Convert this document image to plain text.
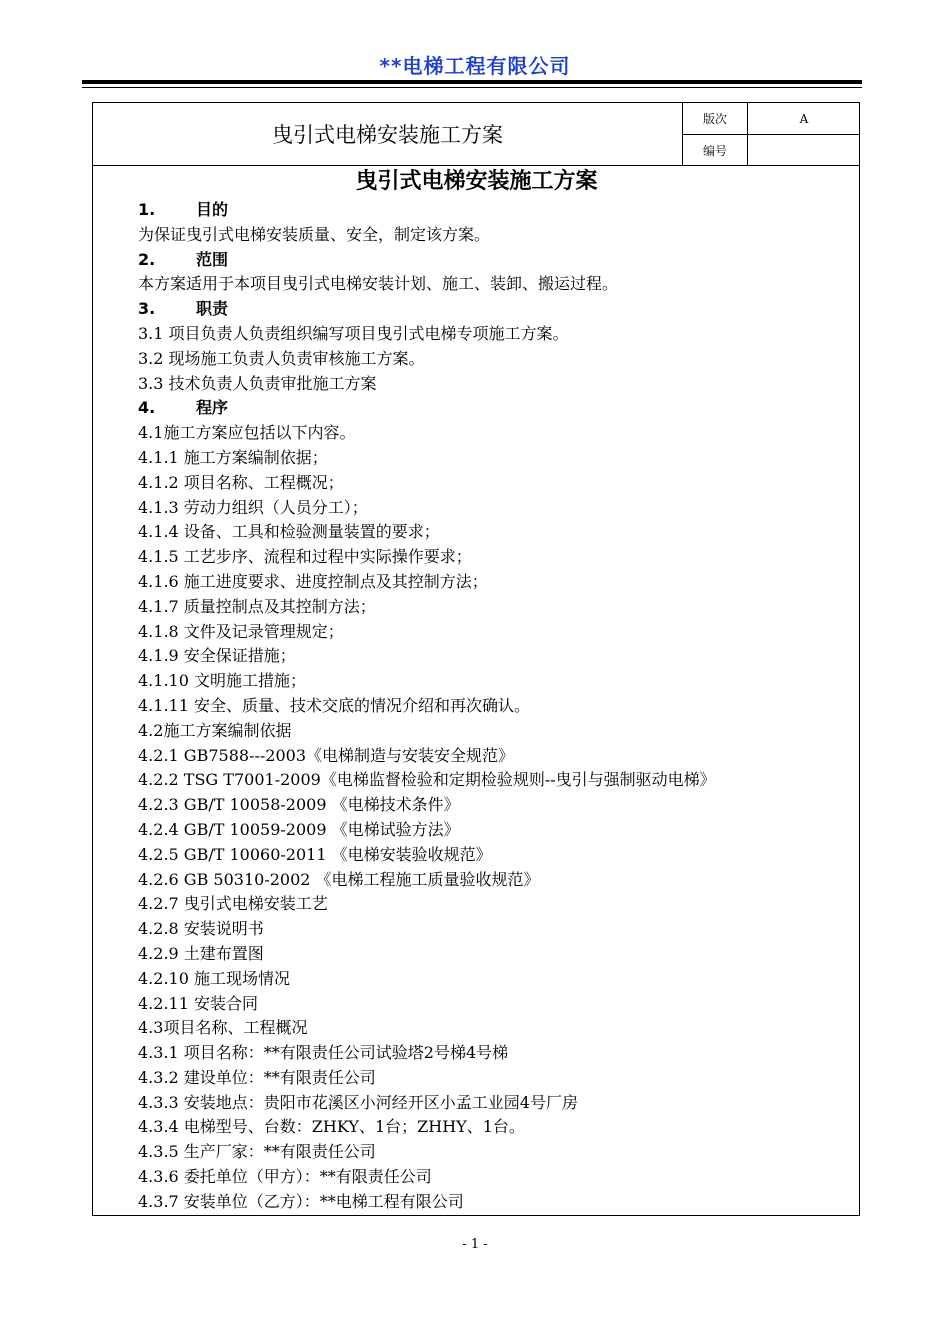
**电梯工程有限公司
曳引式电梯安装施工方案
版次	A
编号
曳引式电梯安装施工方案
1.	目的
为保证曳引式电梯安装质量、安全，制定该方案。
2.	范围
本方案适用于本项目曳引式电梯安装计划、施工、装卸、搬运过程。
3.	职责
3.1 项目负责人负责组织编写项目曳引式电梯专项施工方案。
3.2 现场施工负责人负责审核施工方案。
3.3 技术负责人负责审批施工方案
4.	程序
4.1施工方案应包括以下内容。
4.1.1 施工方案编制依据；
4.1.2 项目名称、工程概况；
4.1.3 劳动力组织（人员分工）；
4.1.4 设备、工具和检验测量装置的要求；
4.1.5 工艺步序、流程和过程中实际操作要求；
4.1.6 施工进度要求、进度控制点及其控制方法；
4.1.7 质量控制点及其控制方法；
4.1.8 文件及记录管理规定；
4.1.9 安全保证措施；
4.1.10 文明施工措施；
4.1.11 安全、质量、技术交底的情况介绍和再次确认。
4.2施工方案编制依据
4.2.1 GB7588---2003《电梯制造与安装安全规范》
4.2.2 TSG T7001-2009《电梯监督检验和定期检验规则--曳引与强制驱动电梯》
4.2.3 GB/T 10058-2009 《电梯技术条件》
4.2.4 GB/T 10059-2009 《电梯试验方法》
4.2.5 GB/T 10060-2011 《电梯安装验收规范》
4.2.6 GB 50310-2002 《电梯工程施工质量验收规范》
4.2.7 曳引式电梯安装工艺
4.2.8 安装说明书
4.2.9 土建布置图
4.2.10 施工现场情况
4.2.11 安装合同
4.3项目名称、工程概况
4.3.1 项目名称：**有限责任公司试验塔2号梯4号梯
4.3.2 建设单位：**有限责任公司
4.3.3 安装地点：贵阳市花溪区小河经开区小孟工业园4号厂房
4.3.4 电梯型号、台数：ZHKY、1台；ZHHY、1台。
4.3.5 生产厂家：**有限责任公司
4.3.6 委托单位（甲方）：**有限责任公司
4.3.7 安装单位（乙方）：**电梯工程有限公司
- 1 -
